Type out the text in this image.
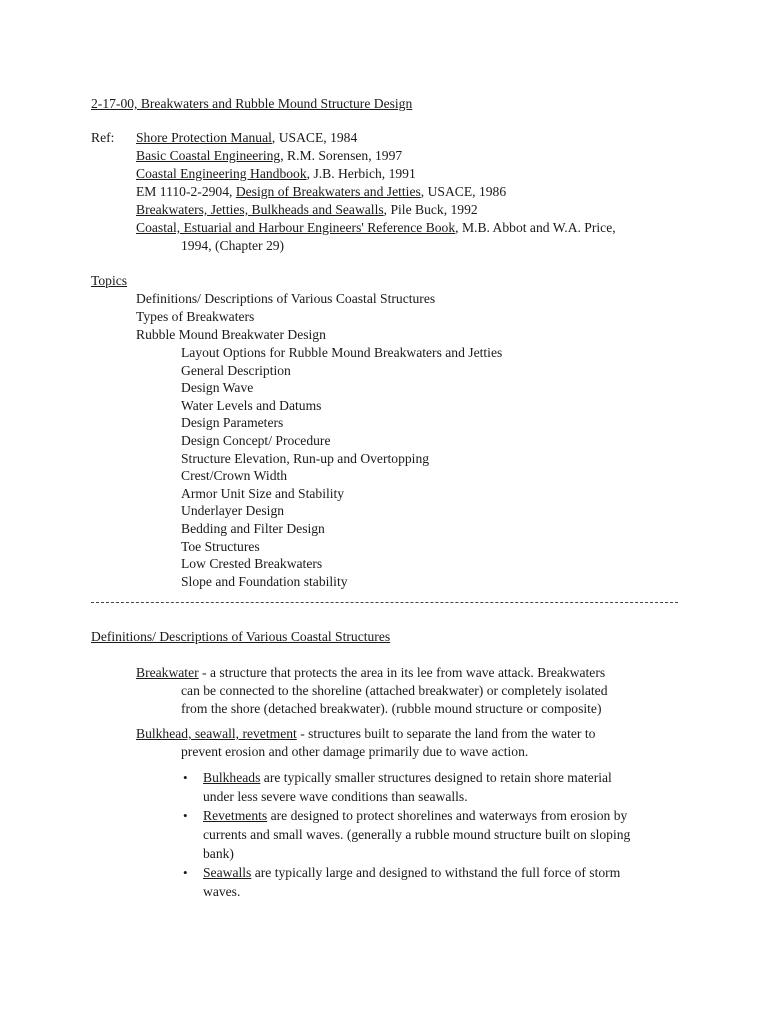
2-17-00, Breakwaters and Rubble Mound Structure Design
Ref: Shore Protection Manual, USACE, 1984
Basic Coastal Engineering, R.M. Sorensen, 1997
Coastal Engineering Handbook, J.B. Herbich, 1991
EM 1110-2-2904, Design of Breakwaters and Jetties, USACE, 1986
Breakwaters, Jetties, Bulkheads and Seawalls, Pile Buck, 1992
Coastal, Estuarial and Harbour Engineers' Reference Book, M.B. Abbot and W.A. Price,
1994, (Chapter 29)
Topics
Definitions/ Descriptions of Various Coastal Structures
Types of Breakwaters
Rubble Mound Breakwater Design
Layout Options for Rubble Mound Breakwaters and Jetties
General Description
Design Wave
Water Levels and Datums
Design Parameters
Design Concept/ Procedure
Structure Elevation, Run-up and Overtopping
Crest/Crown Width
Armor Unit Size and Stability
Underlayer Design
Bedding and Filter Design
Toe Structures
Low Crested Breakwaters
Slope and Foundation stability
Definitions/ Descriptions of Various Coastal Structures
Breakwater - a structure that protects the area in its lee from wave attack. Breakwaters
can be connected to the shoreline (attached breakwater) or completely isolated
from the shore (detached breakwater). (rubble mound structure or composite)
Bulkhead, seawall, revetment - structures built to separate the land from the water to
prevent erosion and other damage primarily due to wave action.
• Bulkheads are typically smaller structures designed to retain shore material
under less severe wave conditions than seawalls.
• Revetments are designed to protect shorelines and waterways from erosion by
currents and small waves. (generally a rubble mound structure built on sloping
bank)
• Seawalls are typically large and designed to withstand the full force of storm
waves.
